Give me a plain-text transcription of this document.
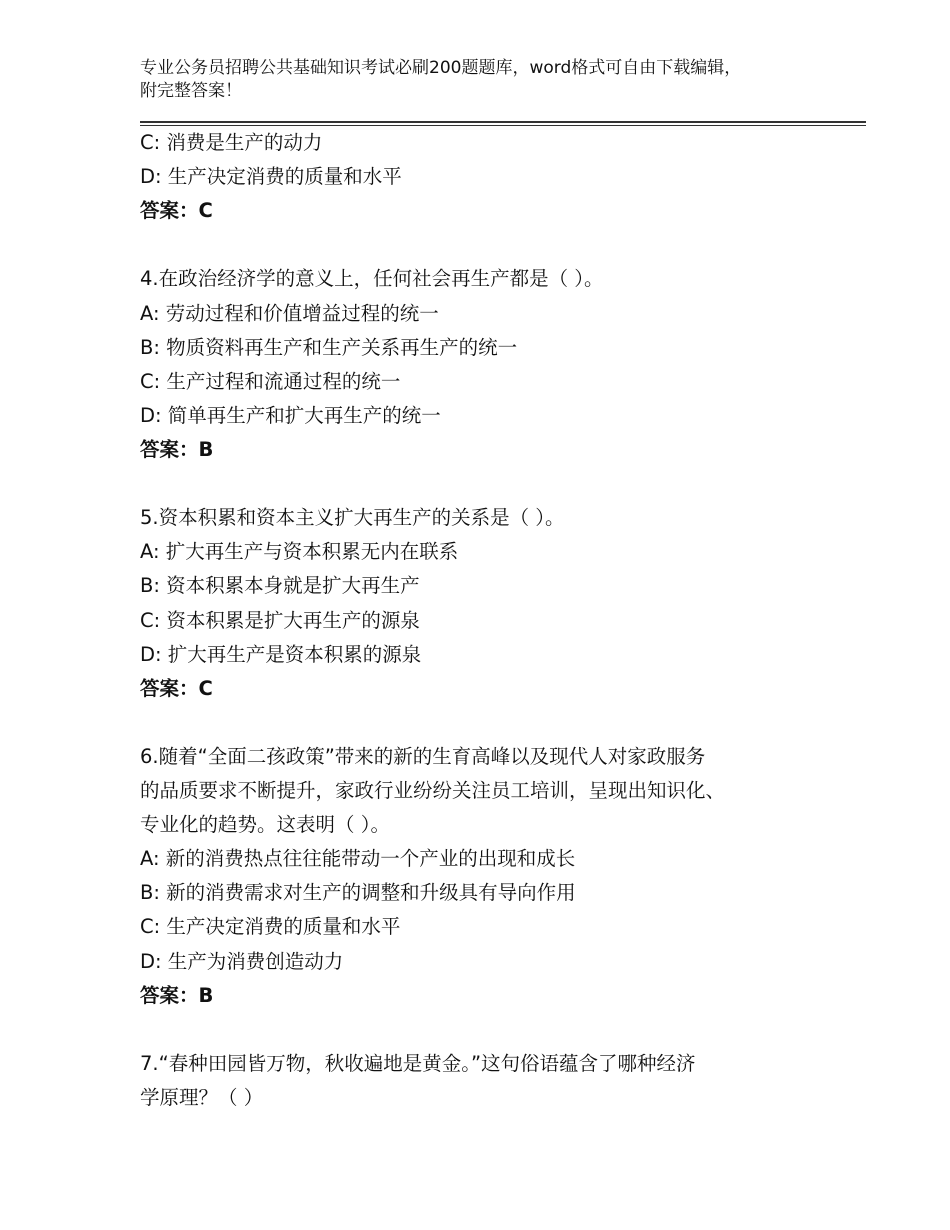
专业公务员招聘公共基础知识考试必刷200题题库，word格式可自由下载编辑，
附完整答案！
C: 消费是生产的动力
D: 生产决定消费的质量和水平
答案：C
4.在政治经济学的意义上，任何社会再生产都是（ ）。
A: 劳动过程和价值增益过程的统一
B: 物质资料再生产和生产关系再生产的统一
C: 生产过程和流通过程的统一
D: 简单再生产和扩大再生产的统一
答案：B
5.资本积累和资本主义扩大再生产的关系是（ ）。
A: 扩大再生产与资本积累无内在联系
B: 资本积累本身就是扩大再生产
C: 资本积累是扩大再生产的源泉
D: 扩大再生产是资本积累的源泉
答案：C
6.随着“全面二孩政策”带来的新的生育高峰以及现代人对家政服务
的品质要求不断提升，家政行业纷纷关注员工培训，呈现出知识化、
专业化的趋势。这表明（ ）。
A: 新的消费热点往往能带动一个产业的出现和成长
B: 新的消费需求对生产的调整和升级具有导向作用
C: 生产决定消费的质量和水平
D: 生产为消费创造动力
答案：B
7.“春种田园皆万物，秋收遍地是黄金。”这句俗语蕴含了哪种经济
学原理？（ ）
